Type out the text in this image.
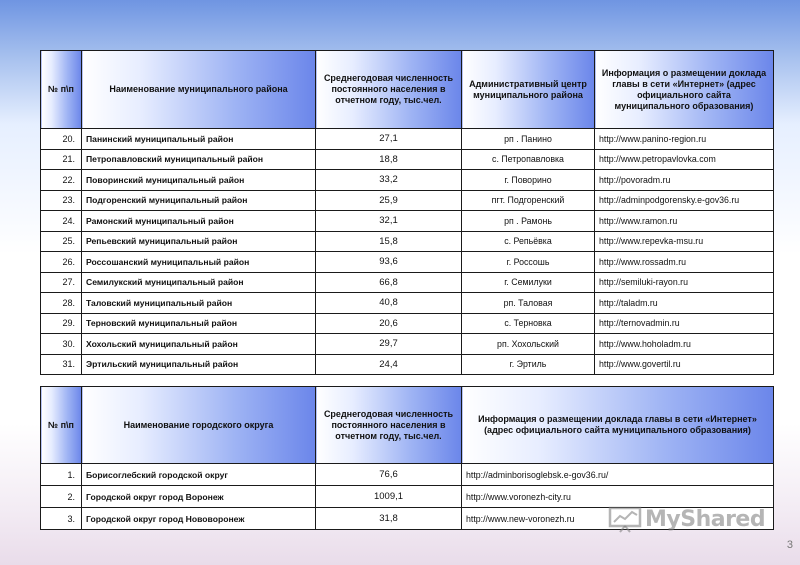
№ п\п	Наименование муниципального района	Среднегодовая численность постоянного населения в отчетном году, тыс.чел.	Административный центр муниципального района	Информация о размещении доклада главы в сети «Интернет» (адрес официального сайта муниципального образования)
20.	Панинский муниципальный район	27,1	рп . Панино	http://www.panino-region.ru
21.	Петропавловский муниципальный район	18,8	с. Петропавловка	http://www.petropavlovka.com
22.	Поворинский муниципальный район	33,2	г. Поворино	http://povoradm.ru
23.	Подгоренский муниципальный район	25,9	пгт. Подгоренский	http://adminpodgorensky.e-gov36.ru
24.	Рамонский муниципальный район	32,1	рп . Рамонь	http://www.ramon.ru
25.	Репьевский муниципальный район	15,8	с. Репьёвка	http://www.repevka-msu.ru
26.	Россошанский муниципальный район	93,6	г. Россошь	http://www.rossadm.ru
27.	Семилукский муниципальный район	66,8	г. Семилуки	http://semiluki-rayon.ru
28.	Таловский муниципальный район	40,8	рп. Таловая	http://taladm.ru
29.	Терновский муниципальный район	20,6	с. Терновка	http://ternovadmin.ru
30.	Хохольский муниципальный район	29,7	рп. Хохольский	http://www.hoholadm.ru
31.	Эртильский муниципальный район	24,4	г. Эртиль	http://www.govertil.ru
№ п\п	Наименование городского округа	Среднегодовая численность постоянного населения в отчетном году, тыс.чел.	Информация о размещении доклада главы в сети «Интернет» (адрес официального сайта муниципального образования)
1.	Борисоглебский городской округ	76,6	http://adminborisoglebsk.e-gov36.ru/
2.	Городской округ город Воронеж	1009,1	http://www.voronezh-city.ru
3.	Городской округ город Нововоронеж	31,8	http://www.new-voronezh.ru	MyShared
3
